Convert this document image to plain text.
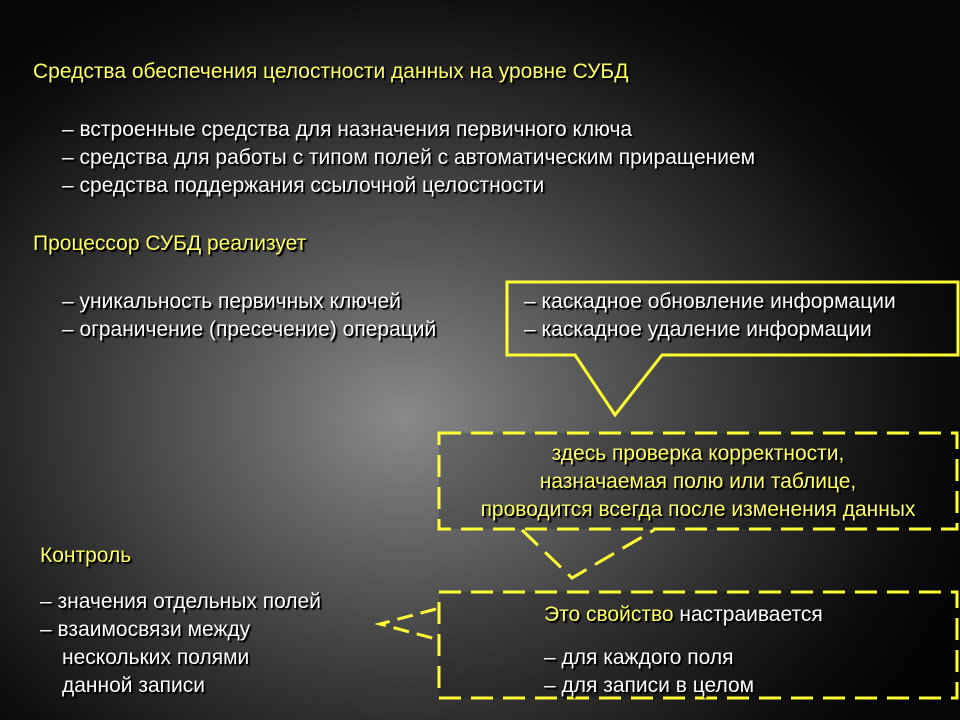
Средства обеспечения целостности данных на уровне СУБД

– встроенные средства для назначения первичного ключа

– средства для работы с типом полей с автоматическим приращением

– средства поддержания ссылочной целостности

Процессор СУБД реализует

– уникальность первичных ключей

– ограничение (пресечение) операций

– каскадное обновление информации

– каскадное удаление информации

здесь проверка корректности,

назначаемая полю или таблице,

проводится всегда после изменения данных

Контроль

– значения отдельных полей

– взаимосвязи между

нескольких полями

данной записи

Это свойство настраивается

– для каждого поля

– для записи в целом
